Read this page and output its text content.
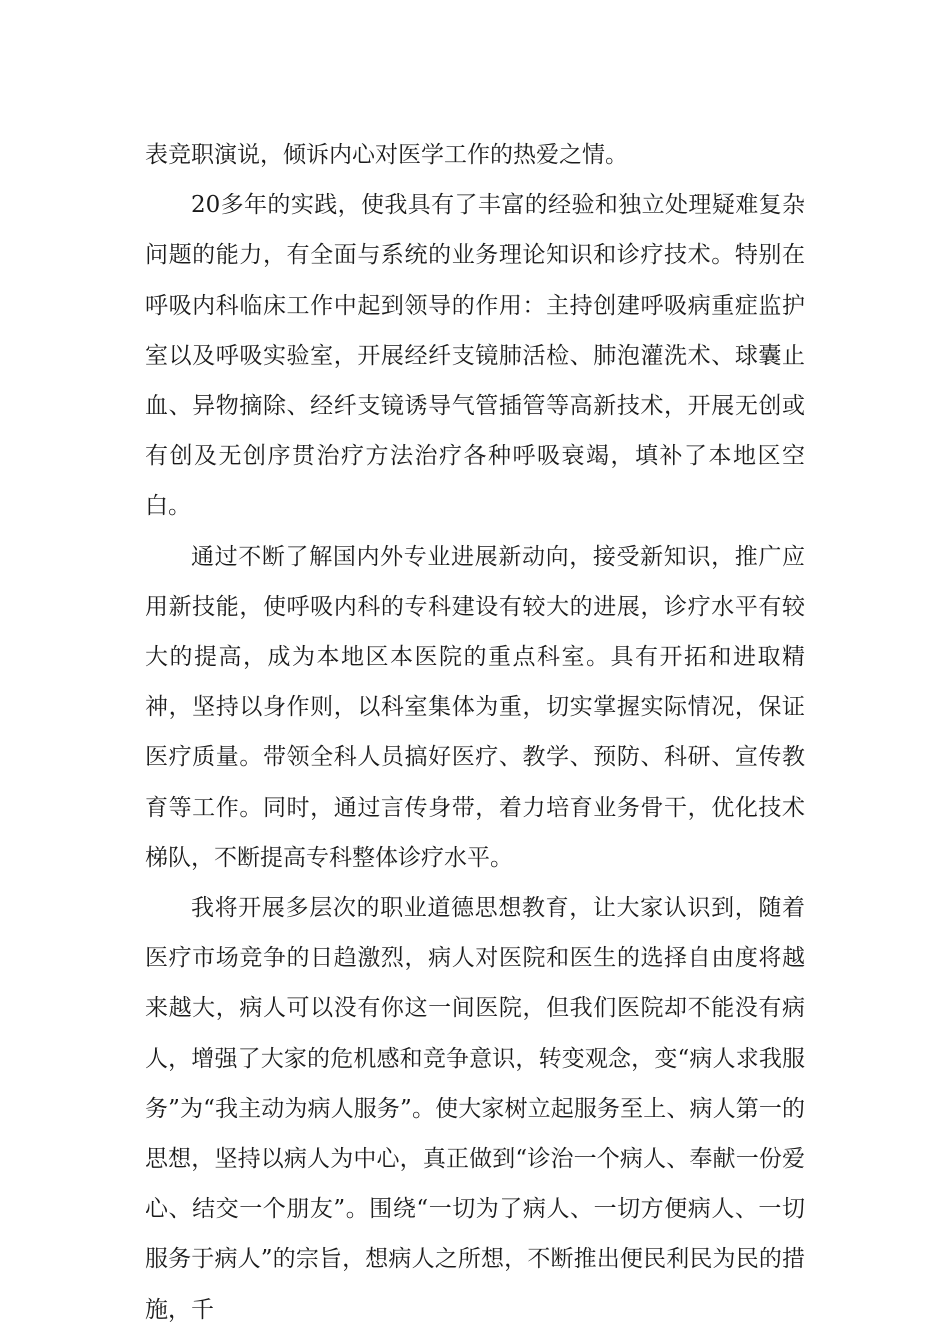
表竞职演说，倾诉内心对医学工作的热爱之情。

20多年的实践，使我具有了丰富的经验和独立处理疑难复杂问题的能力，有全面与系统的业务理论知识和诊疗技术。特别在呼吸内科临床工作中起到领导的作用：主持创建呼吸病重症监护室以及呼吸实验室，开展经纤支镜肺活检、肺泡灌洗术、球囊止血、异物摘除、经纤支镜诱导气管插管等高新技术，开展无创或有创及无创序贯治疗方法治疗各种呼吸衰竭，填补了本地区空白。

通过不断了解国内外专业进展新动向，接受新知识，推广应用新技能，使呼吸内科的专科建设有较大的进展，诊疗水平有较大的提高，成为本地区本医院的重点科室。具有开拓和进取精神，坚持以身作则，以科室集体为重，切实掌握实际情况，保证医疗质量。带领全科人员搞好医疗、教学、预防、科研、宣传教育等工作。同时，通过言传身带，着力培育业务骨干，优化技术梯队，不断提高专科整体诊疗水平。

我将开展多层次的职业道德思想教育，让大家认识到，随着医疗市场竞争的日趋激烈，病人对医院和医生的选择自由度将越来越大，病人可以没有你这一间医院，但我们医院却不能没有病人，增强了大家的危机感和竞争意识，转变观念，变“病人求我服务”为“我主动为病人服务”。使大家树立起服务至上、病人第一的思想，坚持以病人为中心，真正做到“诊治一个病人、奉献一份爱心、结交一个朋友”。围绕“一切为了病人、一切方便病人、一切服务于病人”的宗旨，想病人之所想，不断推出便民利民为民的措施，千
